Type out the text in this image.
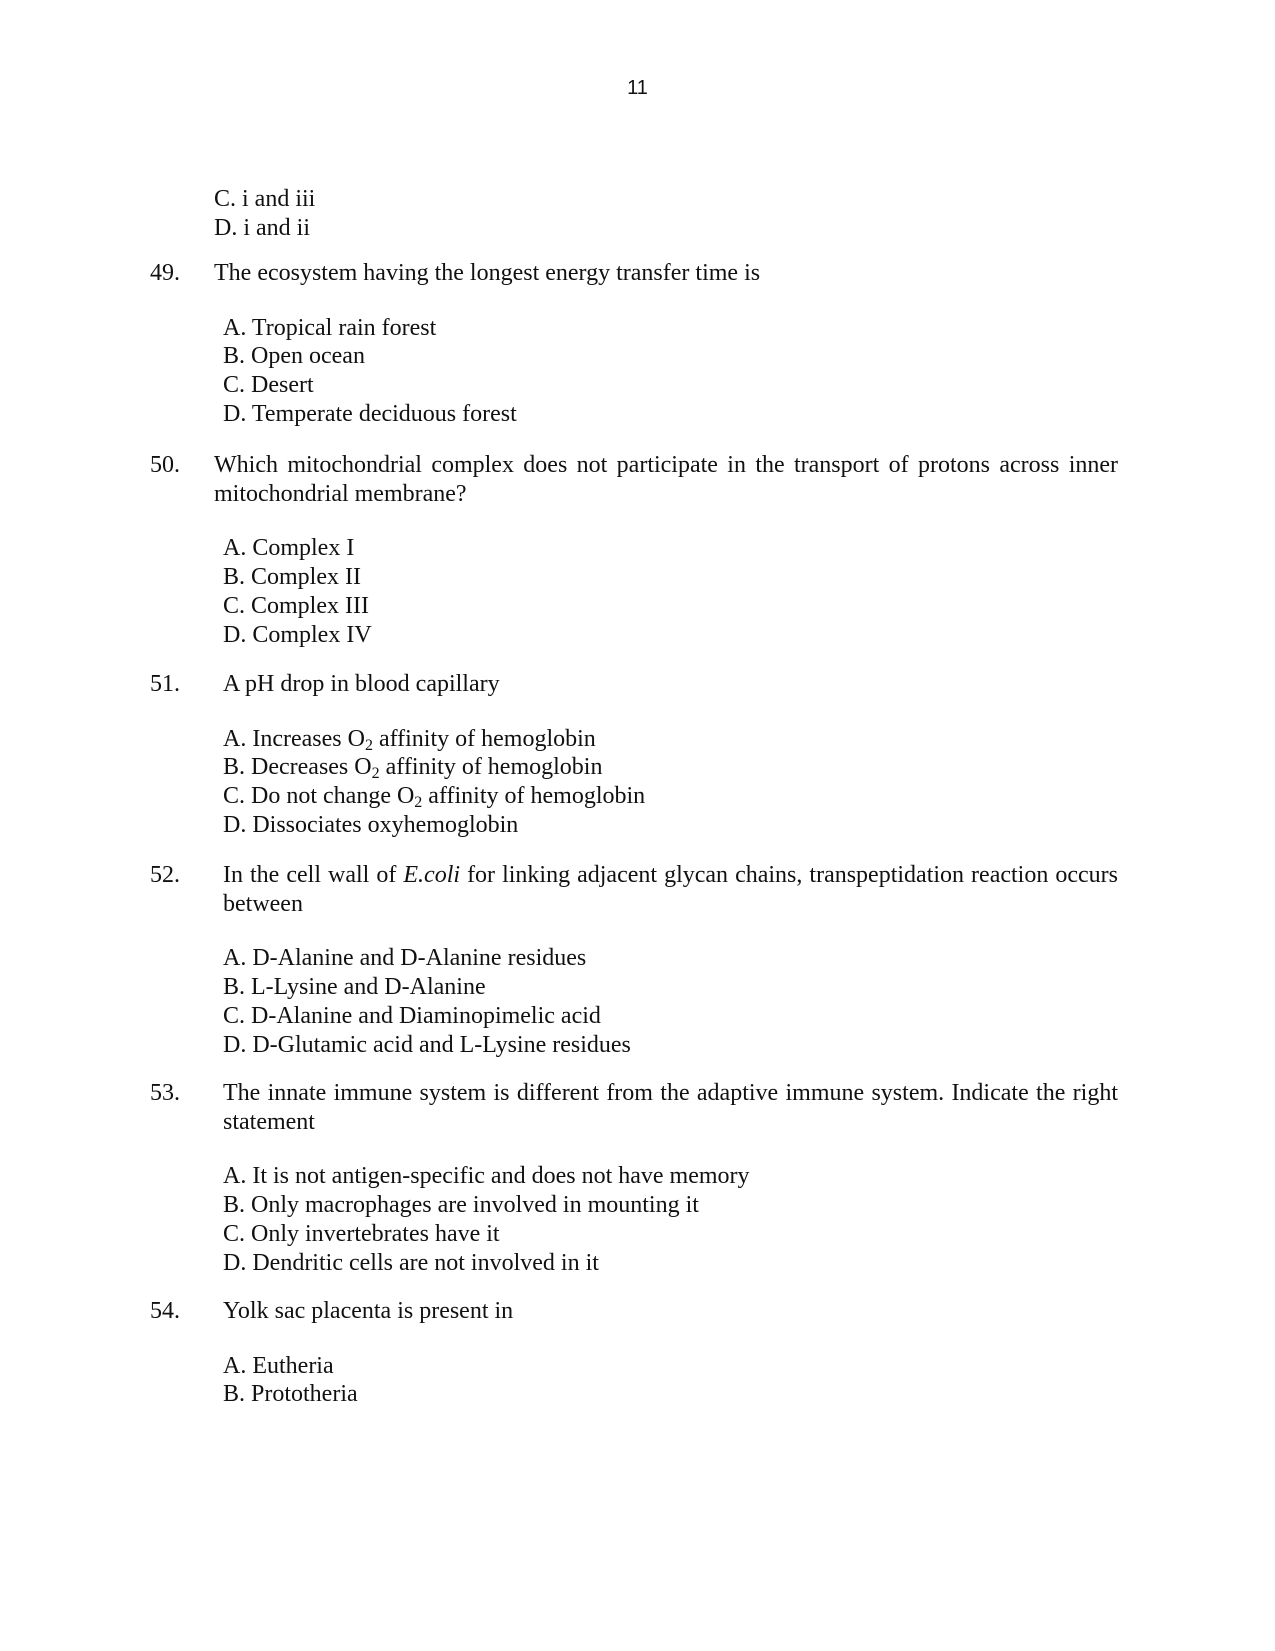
11
C. i and iii
D. i and ii
49. The ecosystem having the longest energy transfer time is
A. Tropical rain forest
B. Open ocean
C. Desert
D. Temperate deciduous forest
50. Which mitochondrial complex does not participate in the transport of protons across inner mitochondrial membrane?
A. Complex I
B. Complex II
C. Complex III
D. Complex IV
51. A pH drop in blood capillary
A. Increases $O_2$ affinity of hemoglobin
B. Decreases $O_2$ affinity of hemoglobin
C. Do not change $O_2$ affinity of hemoglobin
D. Dissociates oxyhemoglobin
52. In the cell wall of E.coli for linking adjacent glycan chains, transpeptidation reaction occurs between
A. D-Alanine and D-Alanine residues
B. L-Lysine and D-Alanine
C. D-Alanine and Diaminopimelic acid
D. D-Glutamic acid and L-Lysine residues
53. The innate immune system is different from the adaptive immune system. Indicate the right statement
A. It is not antigen-specific and does not have memory
B. Only macrophages are involved in mounting it
C. Only invertebrates have it
D. Dendritic cells are not involved in it
54. Yolk sac placenta is present in
A. Eutheria
B. Prototheria
